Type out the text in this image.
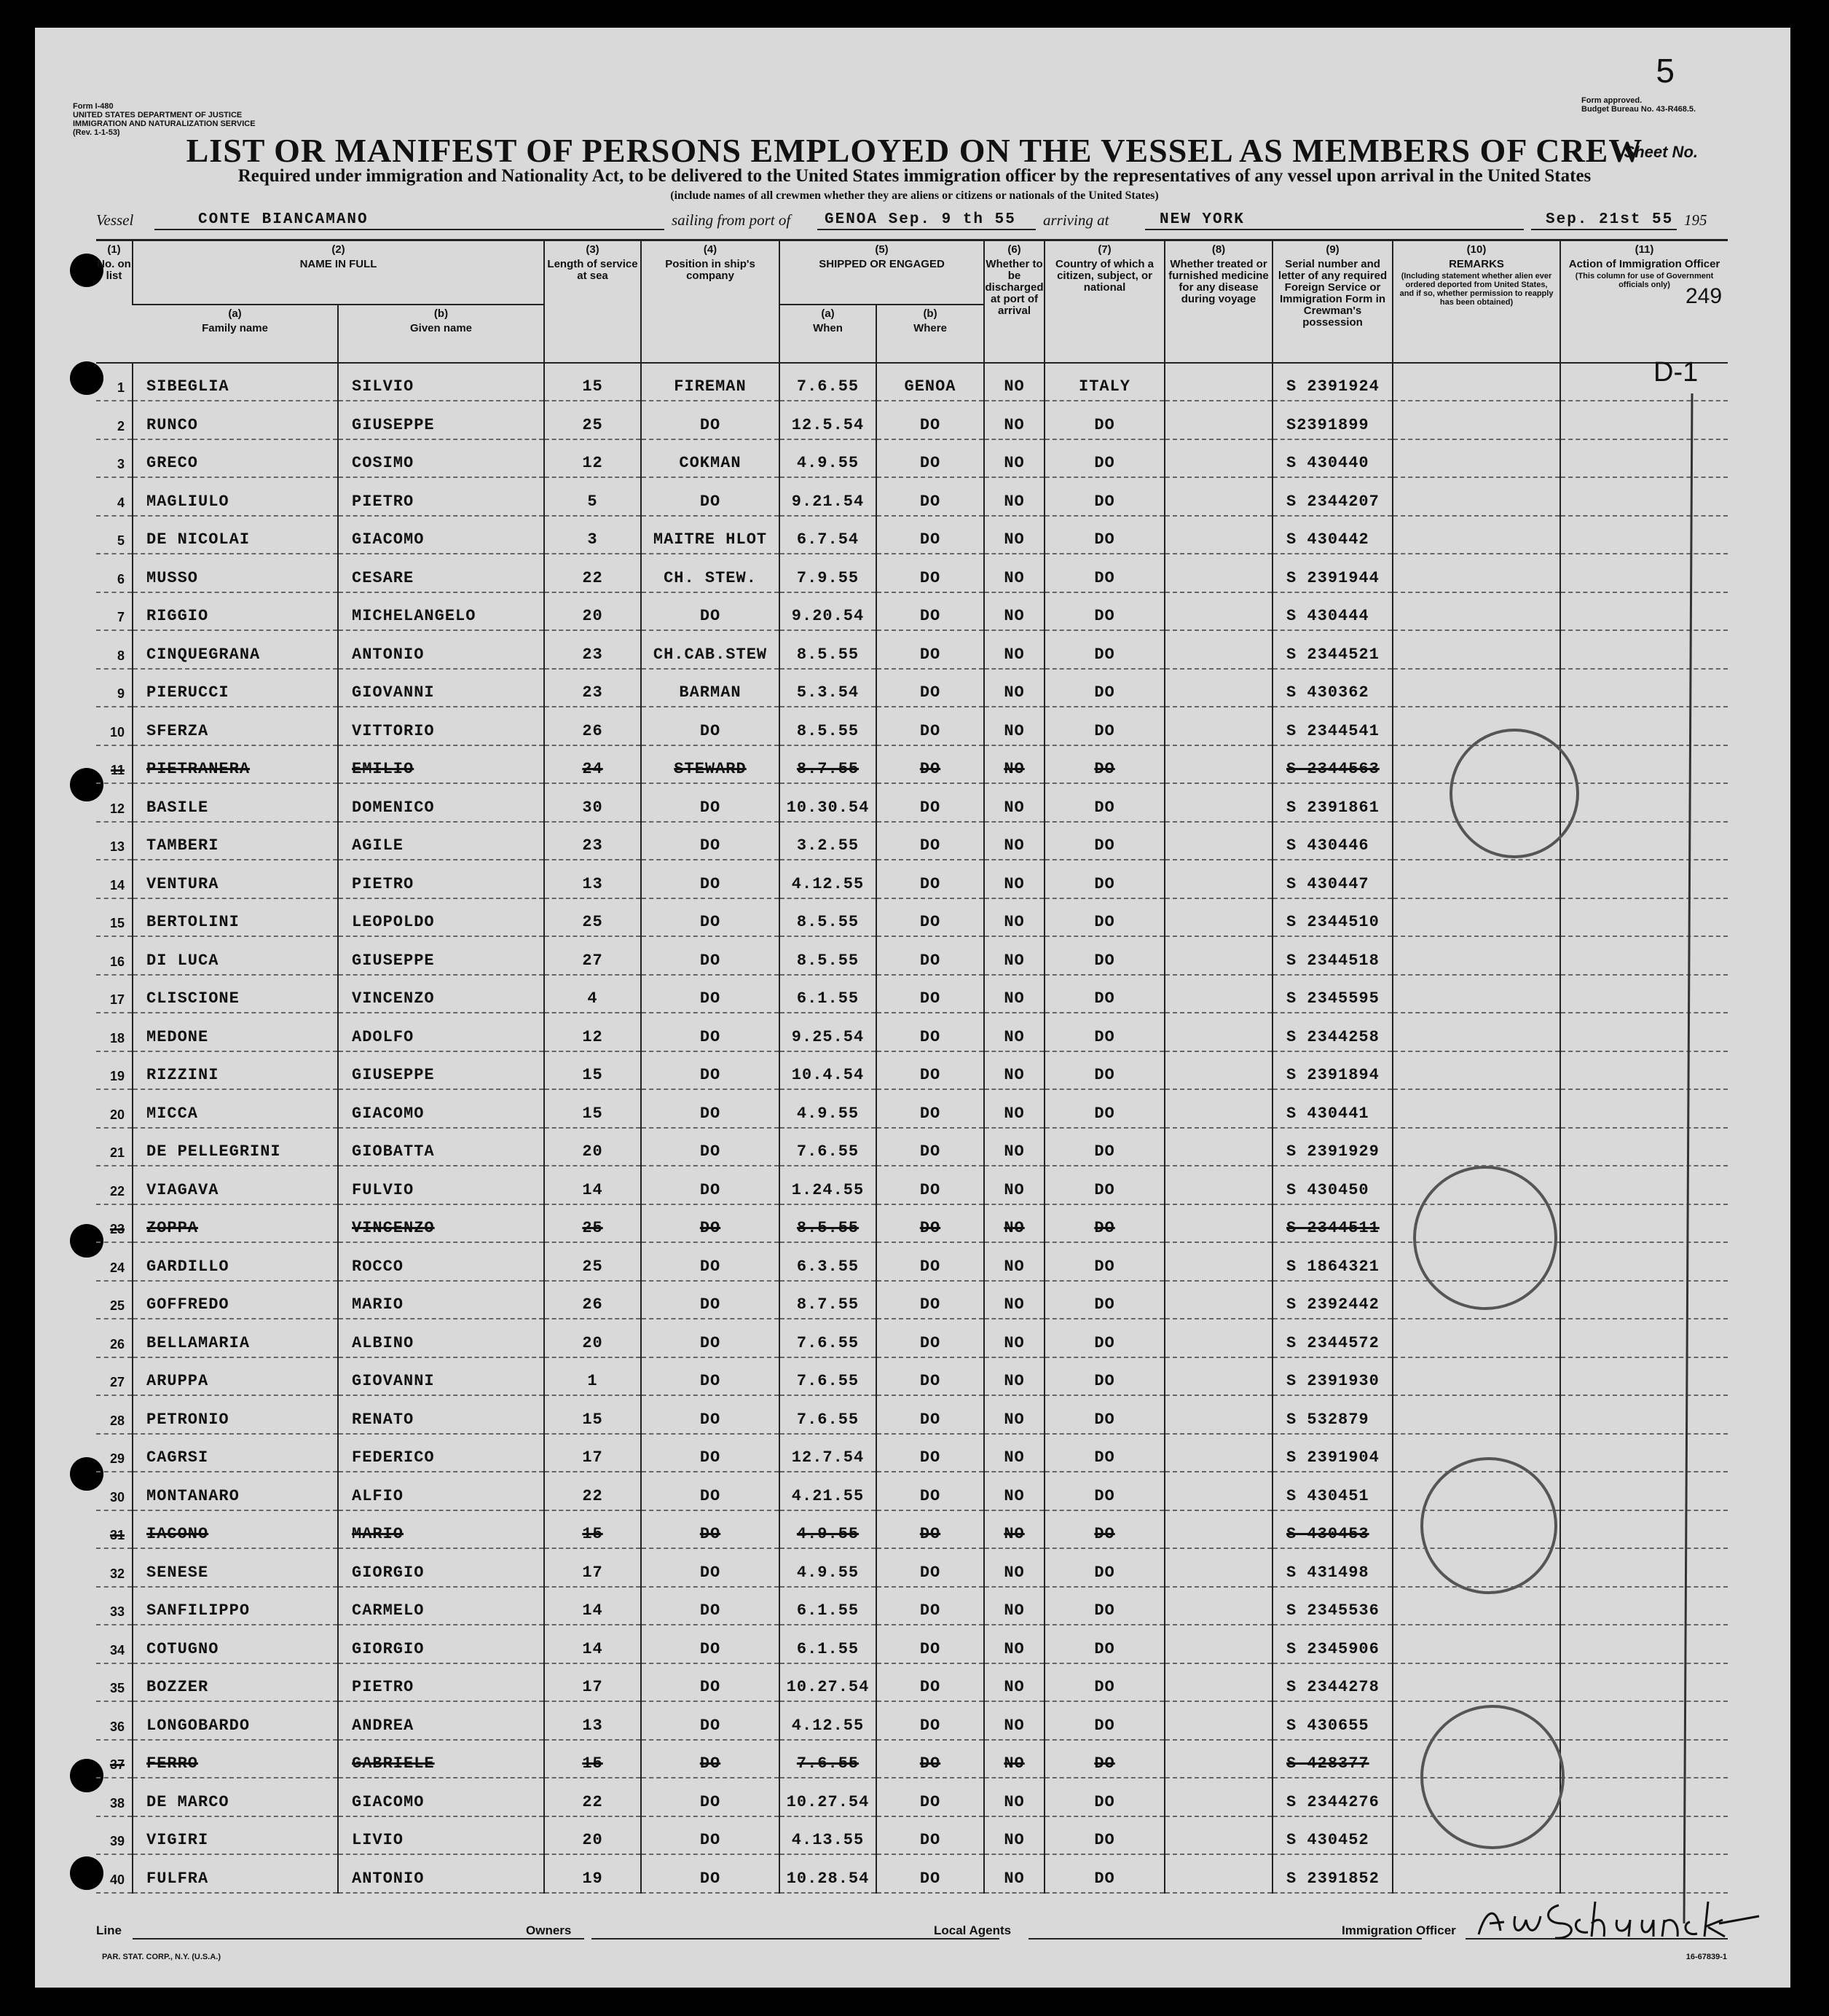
5
Form I-480
UNITED STATES DEPARTMENT OF JUSTICE
IMMIGRATION AND NATURALIZATION SERVICE
(Rev. 1-1-53)
Form approved.
Budget Bureau No. 43-R468.5.
Sheet No.
LIST OR MANIFEST OF PERSONS EMPLOYED ON THE VESSEL AS MEMBERS OF CREW
Required under immigration and Nationality Act, to be delivered to the United States immigration officer by the representatives of any vessel upon arrival in the United States
(include names of all crewmen whether they are aliens or citizens or nationals of the United States)
Vessel	CONTE BIANCAMANO	sailing from port of GENOA Sep. 9 th 55 arriving at	NEW YORK	Sep. 21st 55 195
(1)
No. on list	(2)
NAME IN FULL		(3)
Length of service at sea	(4)
Position in ship's company	(5)
SHIPPED OR ENGAGED		(6)
Whether to be discharged at port of arrival	(7)
Country of which a citizen, subject, or national	(8)
Whether treated or furnished medicine for any disease during voyage	(9)
Serial number and letter of any required Foreign Service or Immigration Form in Crewman's possession	(10)
REMARKS

(Including statement whether alien ever ordered deported from United States, and if so, whether permission to reapply has been obtained)	(11)
Action of Immigration Officer

(This column for use of Government officials only) 249

	(a)
Family name	(b)
Given name			(a)
When	(b)
Where						
1	SIBEGLIA	SILVIO	15	FIREMAN	7.6.55	GENOA	NO	ITALY		S 2391924		
2	RUNCO	GIUSEPPE	25	DO	12.5.54	DO	NO	DO		S2391899		
3	GRECO	COSIMO	12	COKMAN	4.9.55	DO	NO	DO		S 430440		
4	MAGLIULO	PIETRO	5	DO	9.21.54	DO	NO	DO		S 2344207		
5	DE NICOLAI	GIACOMO	3	MAITRE HLOT	6.7.54	DO	NO	DO		S 430442		
6	MUSSO	CESARE	22	CH. STEW.	7.9.55	DO	NO	DO		S 2391944		
7	RIGGIO	MICHELANGELO	20	DO	9.20.54	DO	NO	DO		S 430444		
8	CINQUEGRANA	ANTONIO	23	CH.CAB.STEW	8.5.55	DO	NO	DO		S 2344521		
9	PIERUCCI	GIOVANNI	23	BARMAN	5.3.54	DO	NO	DO		S 430362		
10	SFERZA	VITTORIO	26	DO	8.5.55	DO	NO	DO		S 2344541		
11	PIETRANERA	EMILIO	24	STEWARD	8.7.55	DO	NO	DO		S 2344563		
12	BASILE	DOMENICO	30	DO	10.30.54	DO	NO	DO		S 2391861		
13	TAMBERI	AGILE	23	DO	3.2.55	DO	NO	DO		S 430446		
14	VENTURA	PIETRO	13	DO	4.12.55	DO	NO	DO		S 430447		
15	BERTOLINI	LEOPOLDO	25	DO	8.5.55	DO	NO	DO		S 2344510		
16	DI LUCA	GIUSEPPE	27	DO	8.5.55	DO	NO	DO		S 2344518		
17	CLISCIONE	VINCENZO	4	DO	6.1.55	DO	NO	DO		S 2345595		
18	MEDONE	ADOLFO	12	DO	9.25.54	DO	NO	DO		S 2344258		
19	RIZZINI	GIUSEPPE	15	DO	10.4.54	DO	NO	DO		S 2391894		
20	MICCA	GIACOMO	15	DO	4.9.55	DO	NO	DO		S 430441		
21	DE PELLEGRINI	GIOBATTA	20	DO	7.6.55	DO	NO	DO		S 2391929		
22	VIAGAVA	FULVIO	14	DO	1.24.55	DO	NO	DO		S 430450		
23	ZOPPA	VINCENZO	25	DO	8.5.55	DO	NO	DO		S 2344511		
24	GARDILLO	ROCCO	25	DO	6.3.55	DO	NO	DO		S 1864321		
25	GOFFREDO	MARIO	26	DO	8.7.55	DO	NO	DO		S 2392442		
26	BELLAMARIA	ALBINO	20	DO	7.6.55	DO	NO	DO		S 2344572		
27	ARUPPA	GIOVANNI	1	DO	7.6.55	DO	NO	DO		S 2391930		
28	PETRONIO	RENATO	15	DO	7.6.55	DO	NO	DO		S 532879		
29	CAGRSI	FEDERICO	17	DO	12.7.54	DO	NO	DO		S 2391904		
30	MONTANARO	ALFIO	22	DO	4.21.55	DO	NO	DO		S 430451		
31	IACONO	MARIO	15	DO	4.9.55	DO	NO	DO		S 430453		
32	SENESE	GIORGIO	17	DO	4.9.55	DO	NO	DO		S 431498		
33	SANFILIPPO	CARMELO	14	DO	6.1.55	DO	NO	DO		S 2345536		
34	COTUGNO	GIORGIO	14	DO	6.1.55	DO	NO	DO		S 2345906		
35	BOZZER	PIETRO	17	DO	10.27.54	DO	NO	DO		S 2344278		
36	LONGOBARDO	ANDREA	13	DO	4.12.55	DO	NO	DO		S 430655		
37	FERRO	GABRIELE	15	DO	7.6.55	DO	NO	DO		S 428377		
38	DE MARCO	GIACOMO	22	DO	10.27.54	DO	NO	DO		S 2344276		
39	VIGIRI	LIVIO	20	DO	4.13.55	DO	NO	DO		S 430452		
40	FULFRA	ANTONIO	19	DO	10.28.54	DO	NO	DO		S 2391852		
D-1
Line	Owners	Local Agents	Immigration Officer
PAR. STAT. CORP., N.Y. (U.S.A.)	16-67839-1
